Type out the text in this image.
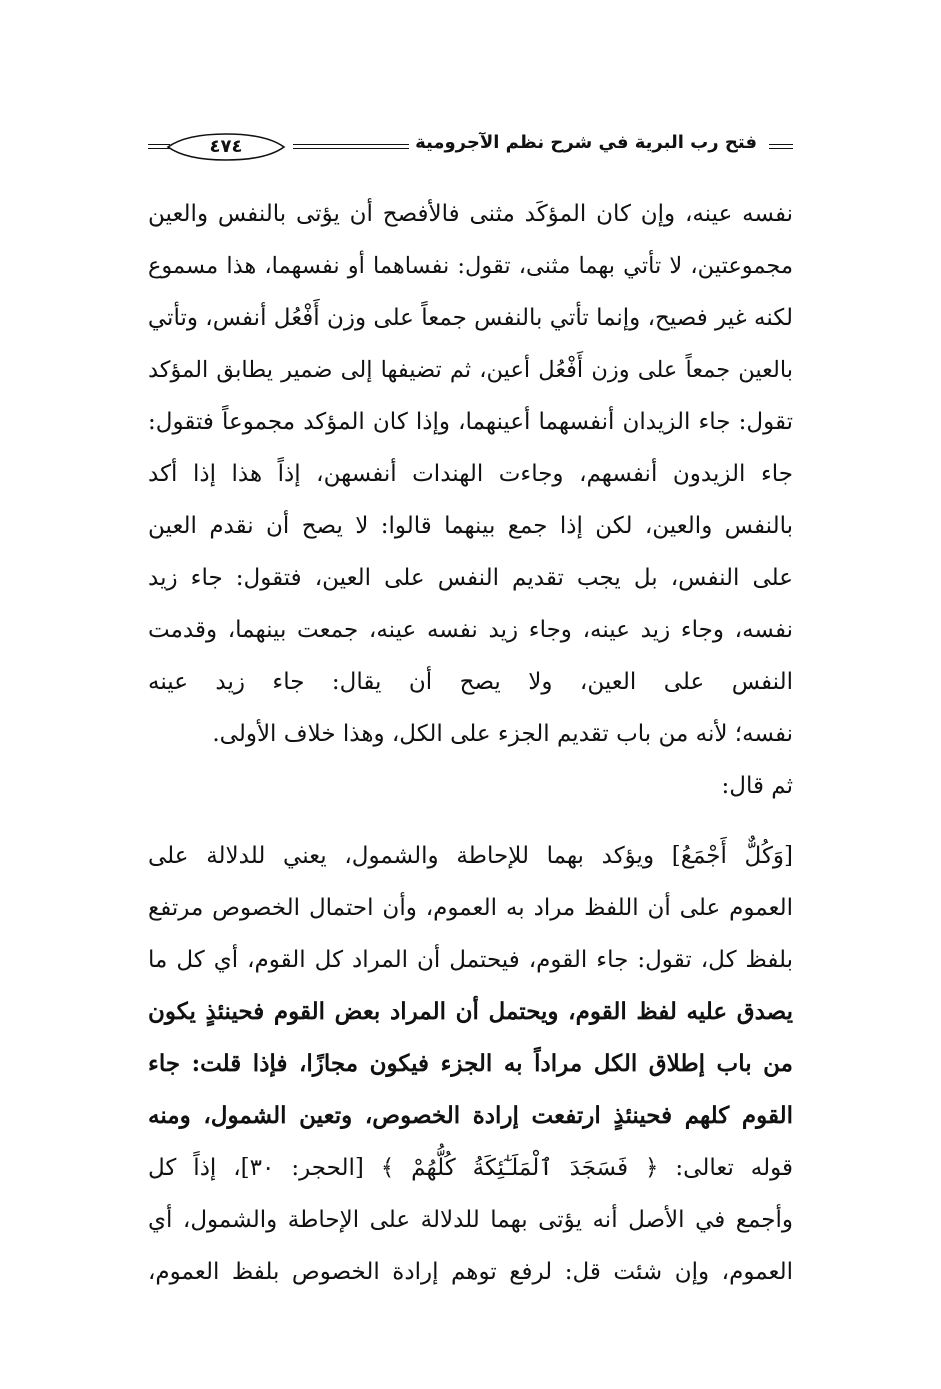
فتح رب البرية في شرح نظم الآجرومية
٤٧٤
نفسه عينه، وإن كان المؤكَد مثنى فالأفصح أن يؤتى بالنفس والعين
مجموعتين، لا تأتي بهما مثنى، تقول: نفساهما أو نفسهما، هذا مسموع
لكنه غير فصيح، وإنما تأتي بالنفس جمعاً على وزن أَفْعُل أنفس، وتأتي
بالعين جمعاً على وزن أَفْعُل أعين، ثم تضيفها إلى ضمير يطابق المؤكد
تقول: جاء الزيدان أنفسهما أعينهما، وإذا كان المؤكد مجموعاً فتقول:
جاء الزيدون أنفسهم، وجاءت الهندات أنفسهن، إذاً هذا إذا أكد
بالنفس والعين، لكن إذا جمع بينهما قالوا: لا يصح أن نقدم العين
على النفس، بل يجب تقديم النفس على العين، فتقول: جاء زيد
نفسه، وجاء زيد عينه، وجاء زيد نفسه عينه، جمعت بينهما، وقدمت
النفس على العين، ولا يصح أن يقال: جاء زيد عينه
نفسه؛ لأنه من باب تقديم الجزء على الكل، وهذا خلاف الأولى.
ثم قال:
[وَكُلٌّ أَجْمَعُ] ويؤكد بهما للإحاطة والشمول، يعني للدلالة على
العموم على أن اللفظ مراد به العموم، وأن احتمال الخصوص مرتفع
بلفظ كل، تقول: جاء القوم، فيحتمل أن المراد كل القوم، أي كل ما
يصدق عليه لفظ القوم، ويحتمل أن المراد بعض القوم فحينئذٍ يكون
من باب إطلاق الكل مراداً به الجزء فيكون مجازًا، فإذا قلت: جاء
القوم كلهم فحينئذٍ ارتفعت إرادة الخصوص، وتعين الشمول، ومنه
قوله تعالى: ﴿ فَسَجَدَ ٱلْمَلَـٰٓئِكَةُ كُلُّهُمْ ﴾ [الحجر: ٣٠]، إذاً كل
وأجمع في الأصل أنه يؤتى بهما للدلالة على الإحاطة والشمول، أي
العموم، وإن شئت قل: لرفع توهم إرادة الخصوص بلفظ العموم،
